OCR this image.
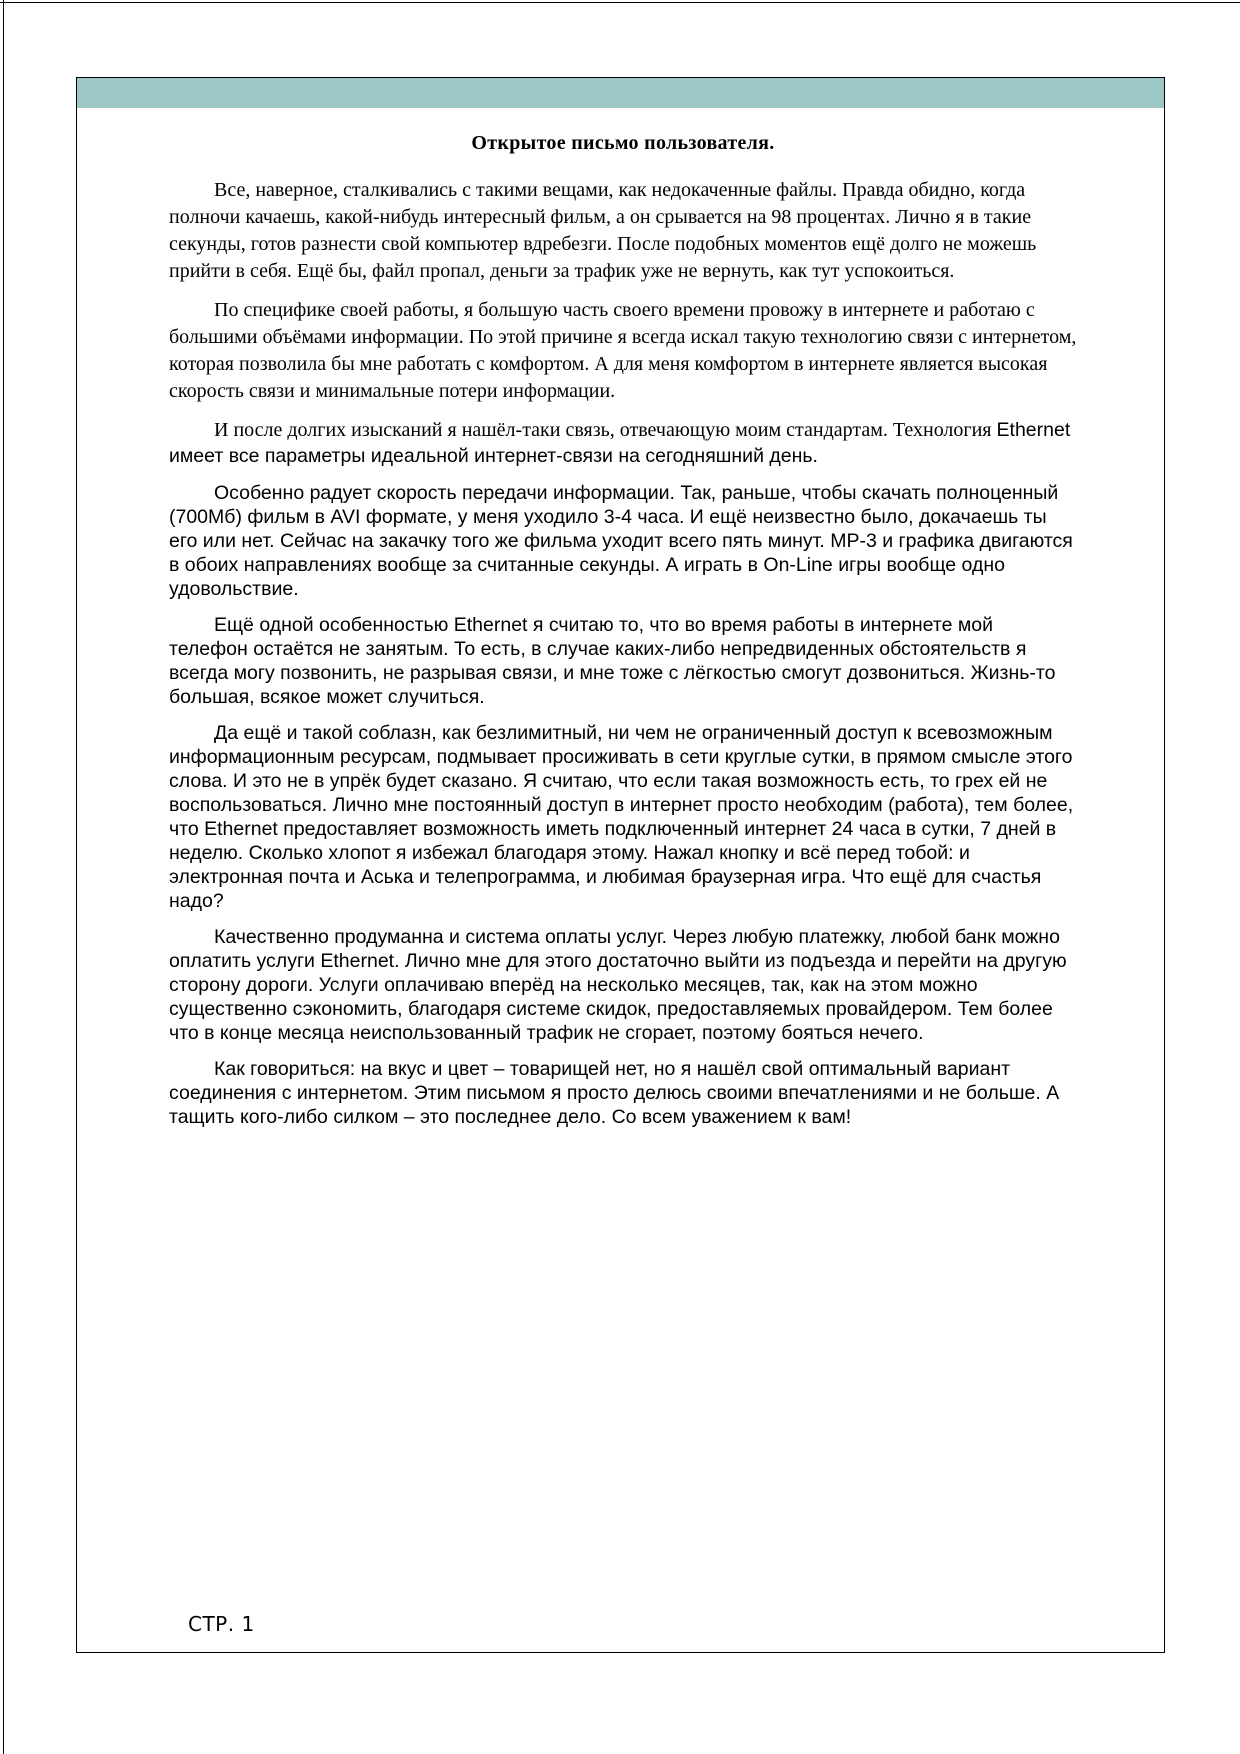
Открытое письмо пользователя.

Все, наверное, сталкивались с такими вещами, как недокаченные файлы. Правда обидно, когда полночи качаешь, какой-нибудь интересный фильм, а он срывается на 98 процентах. Лично я в такие секунды, готов разнести свой компьютер вдребезги. После подобных моментов ещё долго не можешь прийти в себя. Ещё бы, файл пропал, деньги за трафик уже не вернуть, как тут успокоиться.

По специфике своей работы, я большую часть своего времени провожу в интернете и работаю с большими объёмами информации. По этой причине я всегда искал такую технологию связи с интернетом, которая позволила бы мне работать с комфортом. А для меня комфортом в интернете является высокая скорость связи и минимальные потери информации.

И после долгих изысканий я нашёл-таки связь, отвечающую моим стандартам. Технология Ethernet имеет все параметры идеальной интернет-связи на сегодняшний день.

Особенно радует скорость передачи информации. Так, раньше, чтобы скачать полноценный (700Мб) фильм в AVI формате, у меня уходило 3-4 часа. И ещё неизвестно было, докачаешь ты его или нет. Сейчас на закачку того же фильма уходит всего пять минут. МР-3 и графика двигаются в обоих направлениях вообще за считанные секунды. А играть в On-Line игры вообще одно удовольствие.

Ещё одной особенностью Ethernet я считаю то, что во время работы в интернете мой телефон остаётся не занятым. То есть, в случае каких-либо непредвиденных обстоятельств я всегда могу позвонить, не разрывая связи, и мне тоже с лёгкостью смогут дозвониться. Жизнь-то большая, всякое может случиться.

Да ещё и такой соблазн, как безлимитный, ни чем не ограниченный доступ к всевозможным информационным ресурсам, подмывает просиживать в сети круглые сутки, в прямом смысле этого слова. И это не в упрёк будет сказано. Я считаю, что если такая возможность есть, то грех ей не воспользоваться. Лично мне постоянный доступ в интернет просто необходим (работа), тем более, что Ethernet предоставляет возможность иметь подключенный интернет 24 часа в сутки, 7 дней в неделю. Сколько хлопот я избежал благодаря этому. Нажал кнопку и всё перед тобой: и электронная почта и Аська и телепрограмма, и любимая браузерная игра. Что ещё для счастья надо?

Качественно продуманна и система оплаты услуг. Через любую платежку, любой банк можно оплатить услуги Ethernet. Лично мне для этого достаточно выйти из подъезда и перейти на другую сторону дороги. Услуги оплачиваю вперёд на несколько месяцев, так, как на этом можно существенно сэкономить, благодаря системе скидок, предоставляемых провайдером. Тем более что в конце месяца неиспользованный трафик не сгорает, поэтому бояться нечего.

Как говориться: на вкус и цвет – товарищей нет, но я нашёл свой оптимальный вариант соединения с интернетом. Этим письмом я просто делюсь своими впечатлениями и не больше. А тащить кого-либо силком – это последнее дело. Со всем уважением к вам!

СТР. 1
